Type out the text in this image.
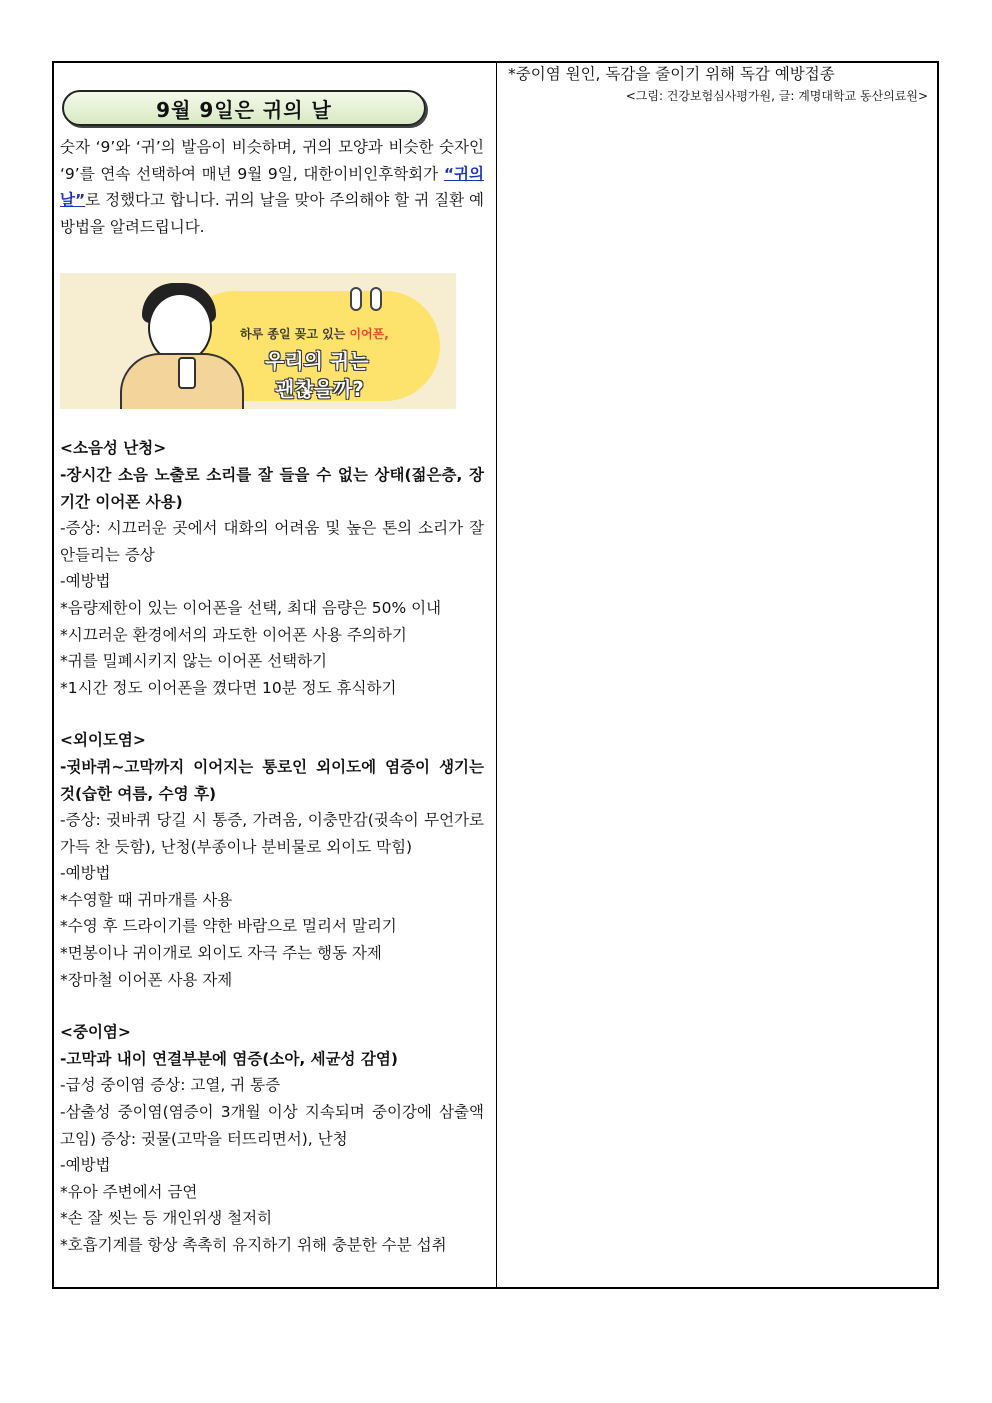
9월 9일은 귀의 날

숫자 ‘9’와 ‘귀’의 발음이 비슷하며, 귀의 모양과 비슷한 숫자인 ‘9’를 연속 선택하여 매년 9월 9일, 대한이비인후학회가 “귀의 날”로 정했다고 합니다. 귀의 날을 맞아 주의해야 할 귀 질환 예방법을 알려드립니다.

하루 종일 꽂고 있는 이어폰,
우리의 귀는
괜찮을까?

<소음성 난청>

-장시간 소음 노출로 소리를 잘 들을 수 없는 상태(젊은층, 장기간 이어폰 사용)

-증상: 시끄러운 곳에서 대화의 어려움 및 높은 톤의 소리가 잘 안들리는 증상

-예방법

*음량제한이 있는 이어폰을 선택, 최대 음량은 50% 이내

*시끄러운 환경에서의 과도한 이어폰 사용 주의하기

*귀를 밀폐시키지 않는 이어폰 선택하기

*1시간 정도 이어폰을 꼈다면 10분 정도 휴식하기

<외이도염>

-귓바퀴~고막까지 이어지는 통로인 외이도에 염증이 생기는 것(습한 여름, 수영 후)

-증상: 귓바퀴 당길 시 통증, 가려움, 이충만감(귓속이 무언가로 가득 찬 듯함), 난청(부종이나 분비물로 외이도 막힘)

-예방법

*수영할 때 귀마개를 사용

*수영 후 드라이기를 약한 바람으로 멀리서 말리기

*면봉이나 귀이개로 외이도 자극 주는 행동 자제

*장마철 이어폰 사용 자제

<중이염>

-고막과 내이 연결부분에 염증(소아, 세균성 감염)

-급성 중이염 증상: 고열, 귀 통증

-삼출성 중이염(염증이 3개월 이상 지속되며 중이강에 삼출액 고임) 증상: 귓물(고막을 터뜨리면서), 난청

-예방법

*유아 주변에서 금연

*손 잘 씻는 등 개인위생 철저히

*호흡기계를 항상 촉촉히 유지하기 위해 충분한 수분 섭취

*중이염 원인, 독감을 줄이기 위해 독감 예방접종

<그림: 건강보험심사평가원, 글: 계명대학교 동산의료원>
